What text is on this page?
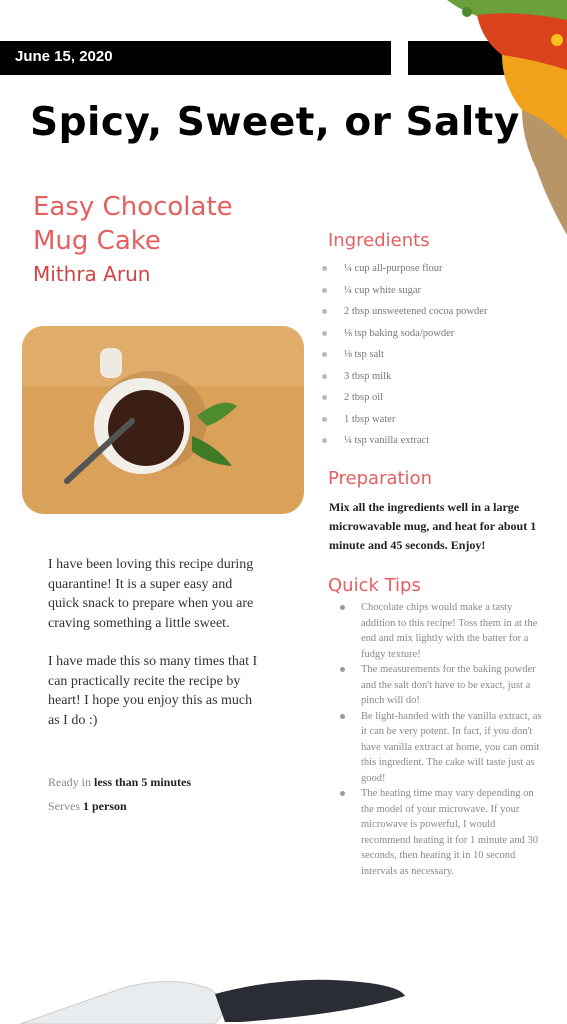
June 15, 2020
Spicy, Sweet, or Salty
Easy Chocolate Mug Cake
Mithra Arun

I have been loving this recipe during quarantine! It is a super easy and quick snack to prepare when you are craving something a little sweet.

I have made this so many times that I can practically recite the recipe by heart! I hope you enjoy this as much as I do :)

Ready in less than 5 minutes
Serves 1 person
Ingredients
¼ cup all-purpose flour
¼ cup white sugar
2 tbsp unsweetened cocoa powder
⅛ tsp baking soda/powder
⅛ tsp salt
3 tbsp milk
2 tbsp oil
1 tbsp water
¼ tsp vanilla extract
Preparation
Mix all the ingredients well in a large microwavable mug, and heat for about 1 minute and 45 seconds. Enjoy!
Quick Tips
Chocolate chips would make a tasty addition to this recipe! Toss them in at the end and mix lightly with the batter for a fudgy texture!
The measurements for the baking powder and the salt don't have to be exact, just a pinch will do!
Be light-handed with the vanilla extract, as it can be very potent. In fact, if you don't have vanilla extract at home, you can omit this ingredient. The cake will taste just as good!
The heating time may vary depending on the model of your microwave. If your microwave is powerful, I would recommend heating it for 1 minute and 30 seconds, then heating it in 10 second intervals as necessary.
